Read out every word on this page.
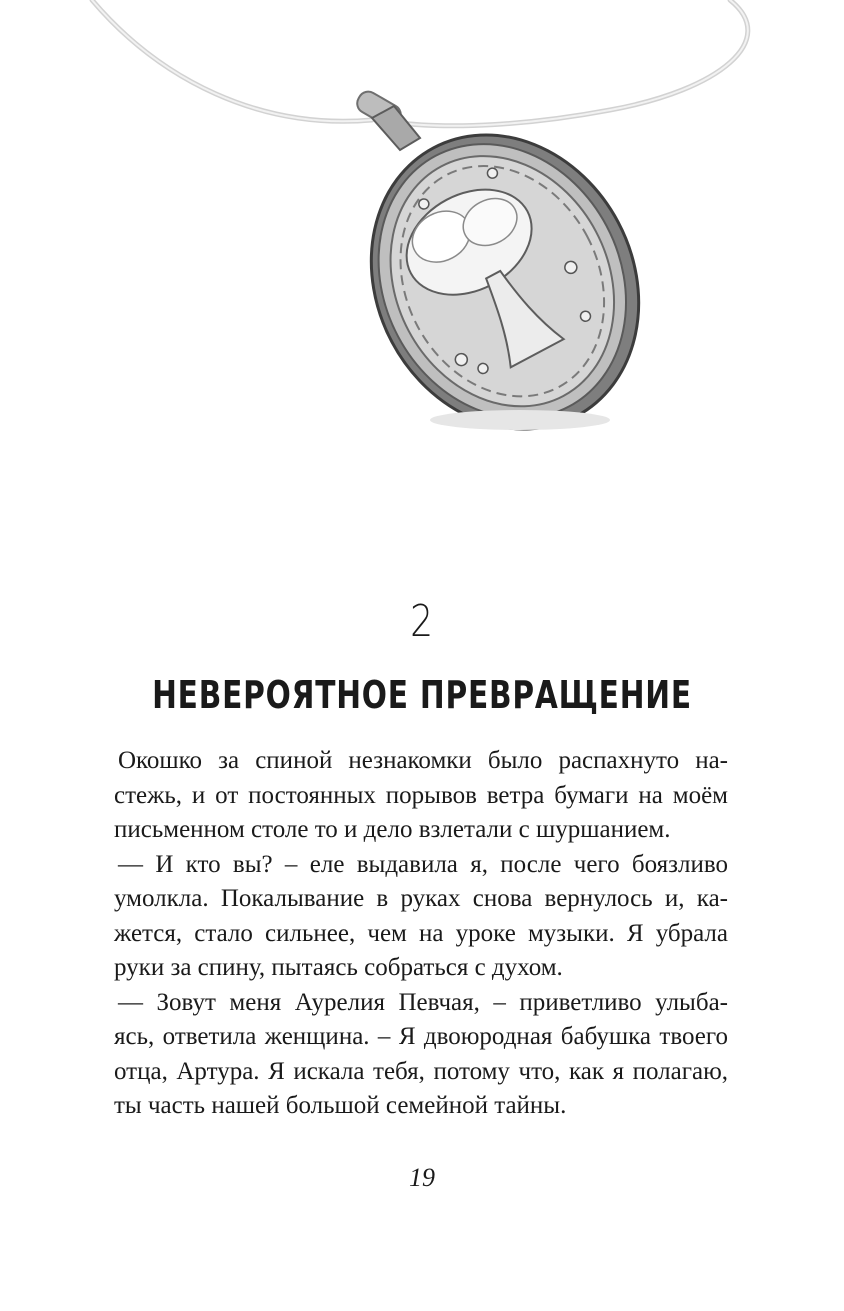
2
НЕВЕРОЯТНОЕ ПРЕВРАЩЕНИЕ
Окошко за спиной незнакомки было распахнуто на-
стежь, и от постоянных порывов ветра бумаги на моём
письменном столе то и дело взлетали с шуршанием.
— И кто вы? – еле выдавила я, после чего боязливо
умолкла. Покалывание в руках снова вернулось и, ка-
жется, стало сильнее, чем на уроке музыки. Я убрала
руки за спину, пытаясь собраться с духом.
— Зовут меня Аурелия Певчая, – приветливо улыба-
ясь, ответила женщина. – Я двоюродная бабушка твоего
отца, Артура. Я искала тебя, потому что, как я полагаю,
ты часть нашей большой семейной тайны.
19
